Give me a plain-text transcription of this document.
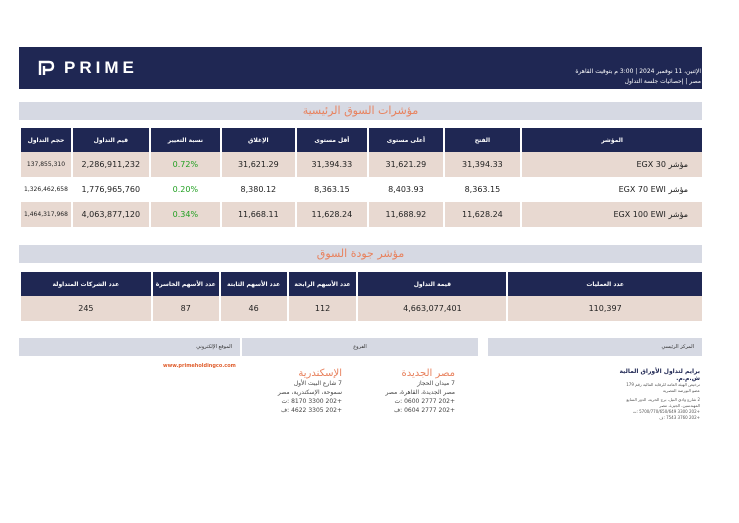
PRIME	الإثنين، 11 نوفمبر 2024 | 3:00 م بتوقيت القاهرة
مصر | إحصائيات جلسة التداول
مؤشرات السوق الرئيسية
حجم التداول	قيم التداول	نسبة التغيير	الإغلاق	أقل مستوى	أعلى مستوى	الفتح	المؤشر
137,855,310	2,286,911,232	0.72%	31,621.29	31,394.33	31,621.29	31,394.33	مؤشر EGX 30
1,326,462,658	1,776,965,760	0.20%	8,380.12	8,363.15	8,403.93	8,363.15	مؤشر EGX 70 EWI
1,464,317,968	4,063,877,120	0.34%	11,668.11	11,628.24	11,688.92	11,628.24	مؤشر EGX 100 EWI
مؤشر جودة السوق
عدد الشركات المتداولة	عدد الأسهم الخاسرة	عدد الأسهم الثابتة	عدد الأسهم الرابحة	قيمة التداول	عدد العمليات
245	87	46	112	4,663,077,401	110,397
الموقع الإلكتروني	الفروع	المركز الرئيسي
www.primeholdingco.com
الإسكندرية
7 شارع البيت الأول
سموحة، الإسكندرية، مصر
+202 3300 8170 :ت
+202 3305 4622 :ف
مصر الجديدة
7 ميدان الحجاز
مصر الجديدة، القاهرة، مصر
+202 2777 0600 :ت
+202 2777 0604 :ف
برايم لتداول الأوراق المالية ش.م.م.
ترخيص الهيئة العامة للرقابة المالية رقم 179
عضو البورصة المصرية
2 شارع وادي النيل، برج الحرية، الدور السابع
المهندسين، الجيزة، مصر
+202 3300 5700/770/650/649 :ت
+202 3760 7543 :ف
